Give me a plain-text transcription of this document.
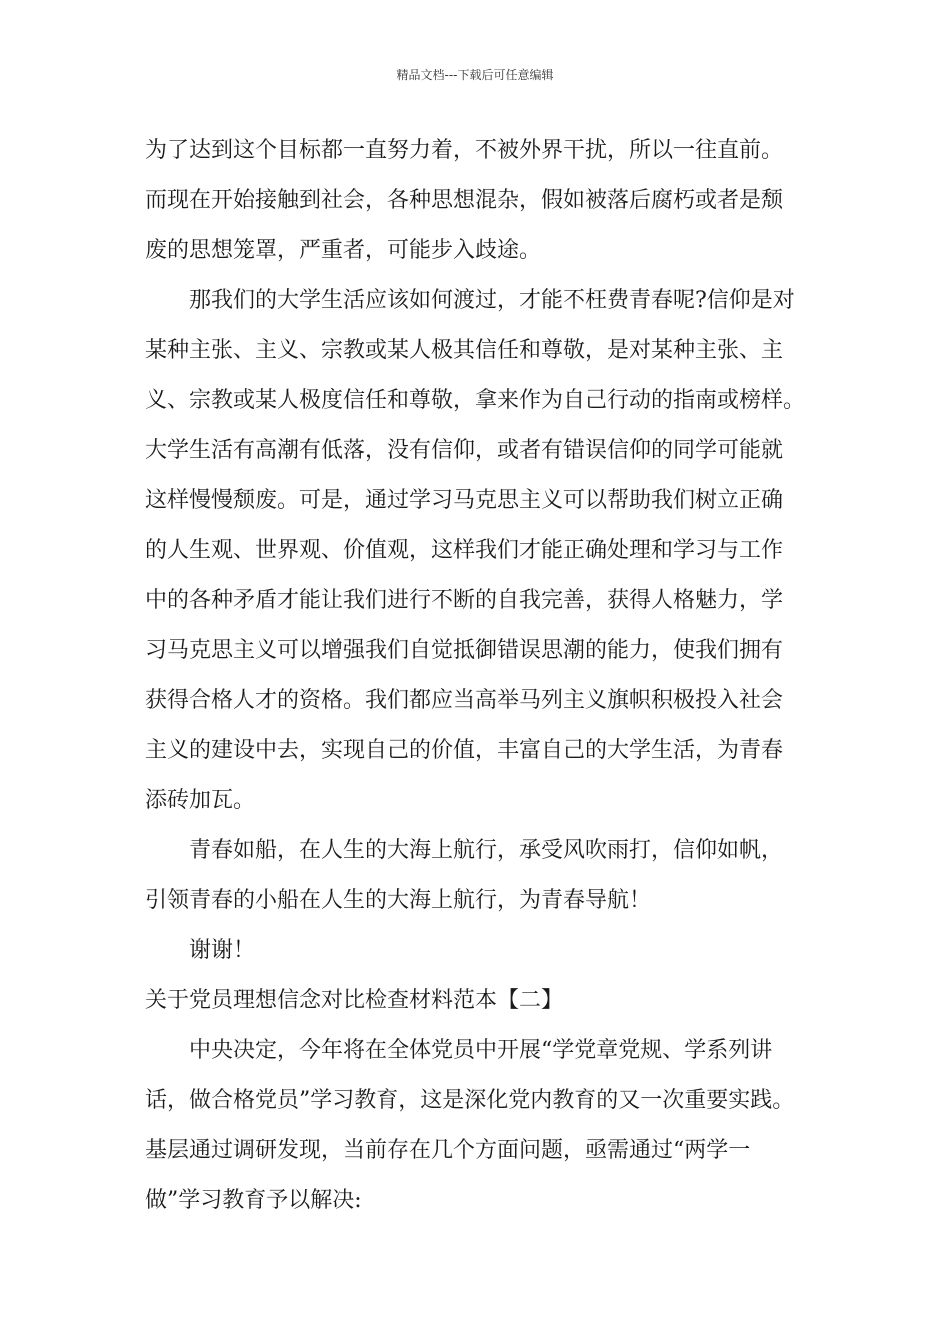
精品文档---下载后可任意编辑
为了达到这个目标都一直努力着，不被外界干扰，所以一往直前。
而现在开始接触到社会，各种思想混杂，假如被落后腐朽或者是颓
废的思想笼罩，严重者，可能步入歧途。
那我们的大学生活应该如何渡过，才能不枉费青春呢?信仰是对
某种主张、主义、宗教或某人极其信任和尊敬，是对某种主张、主
义、宗教或某人极度信任和尊敬，拿来作为自己行动的指南或榜样。
大学生活有高潮有低落，没有信仰，或者有错误信仰的同学可能就
这样慢慢颓废。可是，通过学习马克思主义可以帮助我们树立正确
的人生观、世界观、价值观，这样我们才能正确处理和学习与工作
中的各种矛盾才能让我们进行不断的自我完善，获得人格魅力，学
习马克思主义可以增强我们自觉抵御错误思潮的能力，使我们拥有
获得合格人才的资格。我们都应当高举马列主义旗帜积极投入社会
主义的建设中去，实现自己的价值，丰富自己的大学生活，为青春
添砖加瓦。
青春如船，在人生的大海上航行，承受风吹雨打，信仰如帆，
引领青春的小船在人生的大海上航行，为青春导航！
谢谢！
关于党员理想信念对比检查材料范本【二】
中央决定，今年将在全体党员中开展“学党章党规、学系列讲
话，做合格党员”学习教育，这是深化党内教育的又一次重要实践。
基层通过调研发现，当前存在几个方面问题，亟需通过“两学一
做”学习教育予以解决:
